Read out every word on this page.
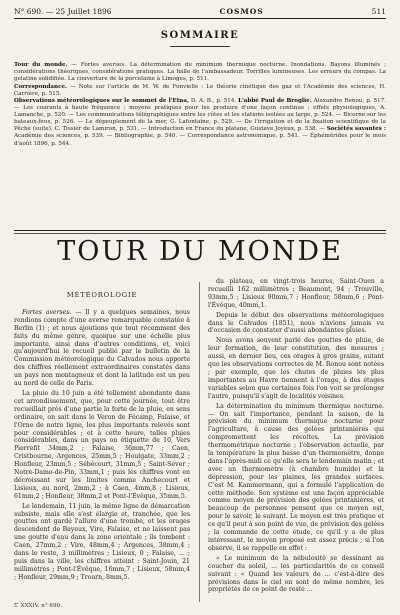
N° 690. — 25 Juillet 1896	COSMOS	511
SOMMAIRE
Tour du monde. — Fortes averses. La détermination du minimum thermique nocturne. Inondations. Bayons illuminés ; considérations théoriques, considérations pratiques. La halle de l'ambassadeur. Torrilles lumineuses. Les erreurs du compas. La gelatine solidifiée. La couverture de la porcelaine à Limoges, p. 511.
Correspondance. — Note sur l'article de M. W. de Fonvielle : Le théorie cinétique des gaz et l'Académie des sciences, H. Carrière, p. 515.
Observations météorologiques sur le sommet de l'Etna, D. A. B., p. 514. L'abbé Paul de Broglie. Alexandre Renou, p. 517. — Les courants à haute fréquence : moyens pratiques pour les produire d'une façon continue ; effets physiologiques, A. Lamanche, p. 520. — Les communications télégraphiques entre les côtes et les stations isolées au large, p. 524. — Bicorne sur les bateaux-feux, p. 526. — Le dépeuplement de la mer, G. Lafontaine, p. 529. — De l'irrigation et de la fixation scientifique de la Pêche (suite), C. Tissier de Lamiron, p. 531. — Introduction en France du platane, Gustave Joyeux, p. 538. — Sociétés savantes : Académie des sciences, p. 539. — Bibliographie, p. 540. — Correspondance astronomique, p. 541. — Éphémérides pour le mois d'août 1896, p. 544.
TOUR DU MONDE
MÉTÉOROLOGIE

Fortes averses. — Il y a quelques semaines, nous rendions compte d'une averse remarquable constatée à Berlin (1) ; et nous ajoutions que tout récemment des faits du même genre, quoique sur une échelle plus importante, ainsi dans d'autres conditions, et, voici qu'aujourd'hui le recueil publié par le bulletin de la Commission météorologique du Calvados nous apporte des chiffres réellement extraordinaires constatés dans un pays non montagneux et dont la latitude est un peu au nord de celle de Paris.

La pluie du 10 juin a été tellement abondante dans cet arrondissement, que, pour cette journée, tout être recueillait près d'une partie la forte de la pluie, en sens ordinaire, on sait dans le Veron de Fécamp, Falaise, et l'Orne de notre ligne, les plus importants relevés sont pour considérables ; et à cette heure, telles pluies considérables, dans un pays on étiquette de 10, Vers Pierrefit 34mm,2 ; Falaise, 36mm,77 ; Caen, Cristbourne, Argences, 25mm,5 ; Houlgate, 33mm,2 ; Honfleur, 23mm,5 ; Sébécourt, 31mm,5 ; Saint-Sever ; Notre-Dame-de-Pin, 33mm,1 ; puis les chiffres vont en décroissant sur les limites comme Anchecourt et Lisieux, au nord, 2mm,2 ; à Caen, 4mm,8 ; Lisieux, 61mm,2 ; Honfleur, 38mm,2 et Pont-l'Évêque, 35mm,5.

Le lendemain, 11 juin, la même ligne de démarcation subsiste, mais elle s'est élargie et, tranchée, que les gouttes ont gardé l'allure d'une trombe, et les orages descendent de Bayeux, Vire, Falaise, et ne laissent pas une goutte d'eau dans la zone orientale ; ils tombent : Caen, 27mm,2 ; Vire, 48mm,4 ; Argences, 38mm,4 ; dans le reste, 3 millimètres ; Lisieux, 0 ; Falaise, ... ; puis dans la ville, les chiffres atteint : Saint-Jouin, 21 millimètres ; Pont-l'Évêque, 16mm,7 ; Lisieux, 58mm,4 ; Honfleur, 29mm,9 ; Troarn, 8mm,5.

du plateau, en vingt-trois heures, Saint-Ouen a recueilli 162 millimètres ; Beaumont, 94 ; Trouville, 93mm,5 ; Lisieux 90mm,7 ; Honfleur, 58mm,6 ; Pont-l'Évêque, 40mm,1.

Depuis le début des observations météorologiques dans le Calvados (1851), nous n'avions jamais vu d'occasion de constater d'aussi abondantes pluies.

Nous avons souvent parlé des gouttes de pluie, de leur formation, de leur constitution, des mesures ; aussi, en dernier lieu, ces orages à gros grains, autant que les observations correctes de M. Ronou sont notées ; par exemple, que les chutes de pluies les plus importantes au Havre tiennent à l'orage, à des étages variables selon que certaines fois l'on voit se prolonger l'autre, puisqu'il s'agit de localités voisines.

La détermination du minimum thermique nocturne. — On sait l'importance, pendant la saison, de la prévision du minimum thermique nocturne pour l'agriculture, à cause des gelées printanières qui compromettent les récoltes. La prévision thermométrique nocturne ; l'observation actuelle, par la température la plus basse d'un thermomètre, donne dans l'après-midi ce qu'elle sera le lendemain matin ; et avec un thermomètre (à chambre humide) et la dépression, pour les plaines, les grandes surfaces. C'est M. Kammermann, qui a formulé l'application de cette méthode. Son système est une façon appréciable comme moyen de prévision des gelées printanières, et beaucoup de personnes pensent que ce moyen est, pour le savoir, le suivant. Le moyen est très pratique et ce qu'il peut à son point de vue, de prévision des gelées ; la commande de cette étude, ce qu'il y a de plus intéressant, le moyen proposé est assez précis ; si l'on observe, il se rappelle en effet :

« Le minimum de la nébulosité se dessinant au coucher du soleil, ... les particularités de ce conseil suivant : « Quand les valeurs de ... c'est-à-dire des prévisions dans le ciel en sont de même nombre, les propriétés de ce point de reste ...

T. XXXIV. n° 690.
